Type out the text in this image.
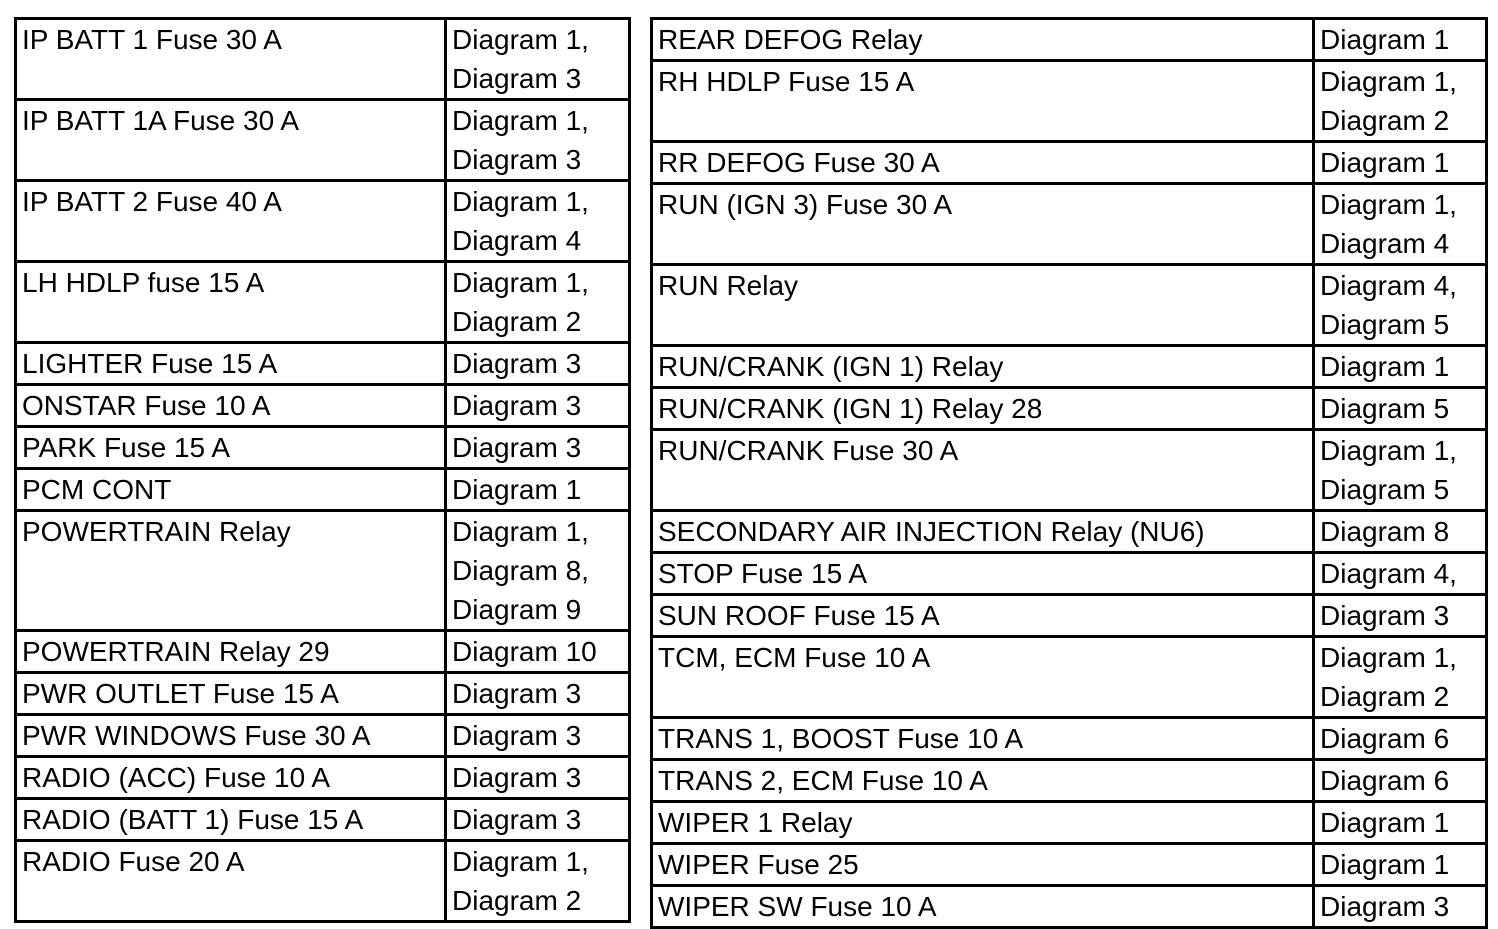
IP BATT 1 Fuse 30 A	Diagram 1,
Diagram 3

IP BATT 1A Fuse 30 A	Diagram 1,
Diagram 3

IP BATT 2 Fuse 40 A	Diagram 1,
Diagram 4

LH HDLP fuse 15 A	Diagram 1,
Diagram 2

LIGHTER Fuse 15 A	Diagram 3

ONSTAR Fuse 10 A	Diagram 3

PARK Fuse 15 A	Diagram 3

PCM CONT	Diagram 1

POWERTRAIN Relay	Diagram 1,
Diagram 8,
Diagram 9

POWERTRAIN Relay 29	Diagram 10

PWR OUTLET Fuse 15 A	Diagram 3

PWR WINDOWS Fuse 30 A	Diagram 3

RADIO (ACC) Fuse 10 A	Diagram 3

RADIO (BATT 1) Fuse 15 A	Diagram 3

RADIO Fuse 20 A	Diagram 1,
Diagram 2
REAR DEFOG Relay	Diagram 1

RH HDLP Fuse 15 A	Diagram 1,
Diagram 2

RR DEFOG Fuse 30 A	Diagram 1

RUN (IGN 3) Fuse 30 A	Diagram 1,
Diagram 4

RUN Relay	Diagram 4,
Diagram 5

RUN/CRANK (IGN 1) Relay	Diagram 1

RUN/CRANK (IGN 1) Relay 28	Diagram 5

RUN/CRANK Fuse 30 A	Diagram 1,
Diagram 5

SECONDARY AIR INJECTION Relay (NU6)	Diagram 8

STOP Fuse 15 A	Diagram 4,

SUN ROOF Fuse 15 A	Diagram 3

TCM, ECM Fuse 10 A	Diagram 1,
Diagram 2

TRANS 1, BOOST Fuse 10 A	Diagram 6

TRANS 2, ECM Fuse 10 A	Diagram 6

WIPER 1 Relay	Diagram 1

WIPER Fuse 25	Diagram 1

WIPER SW Fuse 10 A	Diagram 3
